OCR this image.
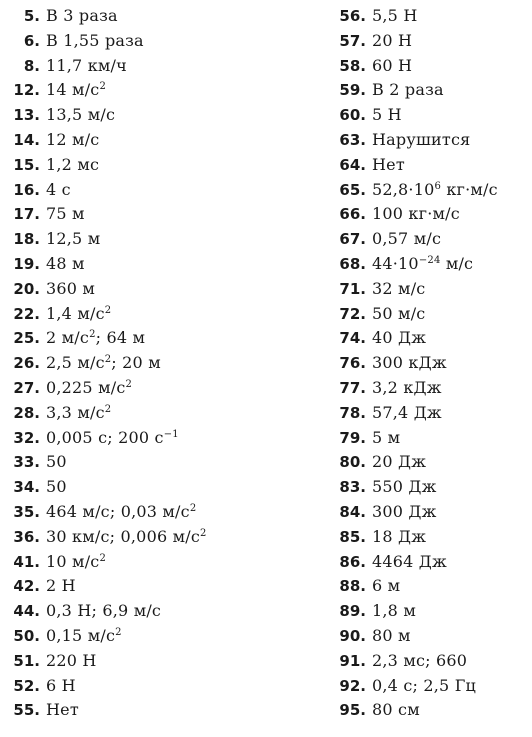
5. В 3 раза
6. В 1,55 раза
8. 11,7 км/ч
12. 14 $м/с^2$
13. 13,5 м/с
14. 12 м/с
15. 1,2 мс
16. 4 с
17. 75 м
18. 12,5 м
19. 48 м
20. 360 м
22. 1,4 $м/с^2$
25. 2 $м/с^2$; 64 м
26. 2,5 $м/с^2$; 20 м
27. 0,225 $м/с^2$
28. 3,3 $м/с^2$
32. 0,005 с; 200 $с^{-1}$
33. 50
34. 50
35. 464 м/с; 0,03 $м/с^2$
36. 30 км/с; 0,006 $м/с^2$
41. 10 $м/с^2$
42. 2 Н
44. 0,3 Н; 6,9 м/с
50. 0,15 $м/с^2$
51. 220 Н
52. 6 Н
55. Нет
56. 5,5 Н
57. 20 Н
58. 60 Н
59. В 2 раза
60. 5 Н
63. Нарушится
64. Нет
65. $52,8\cdot 10^6$ кг·м/с
66. 100 кг·м/с
67. 0,57 м/с
68. $44\cdot 10^{-24}$ м/с
71. 32 м/с
72. 50 м/с
74. 40 Дж
76. 300 кДж
77. 3,2 кДж
78. 57,4 Дж
79. 5 м
80. 20 Дж
83. 550 Дж
84. 300 Дж
85. 18 Дж
86. 4464 Дж
88. 6 м
89. 1,8 м
90. 80 м
91. 2,3 мс; 660
92. 0,4 с; 2,5 Гц
95. 80 см
